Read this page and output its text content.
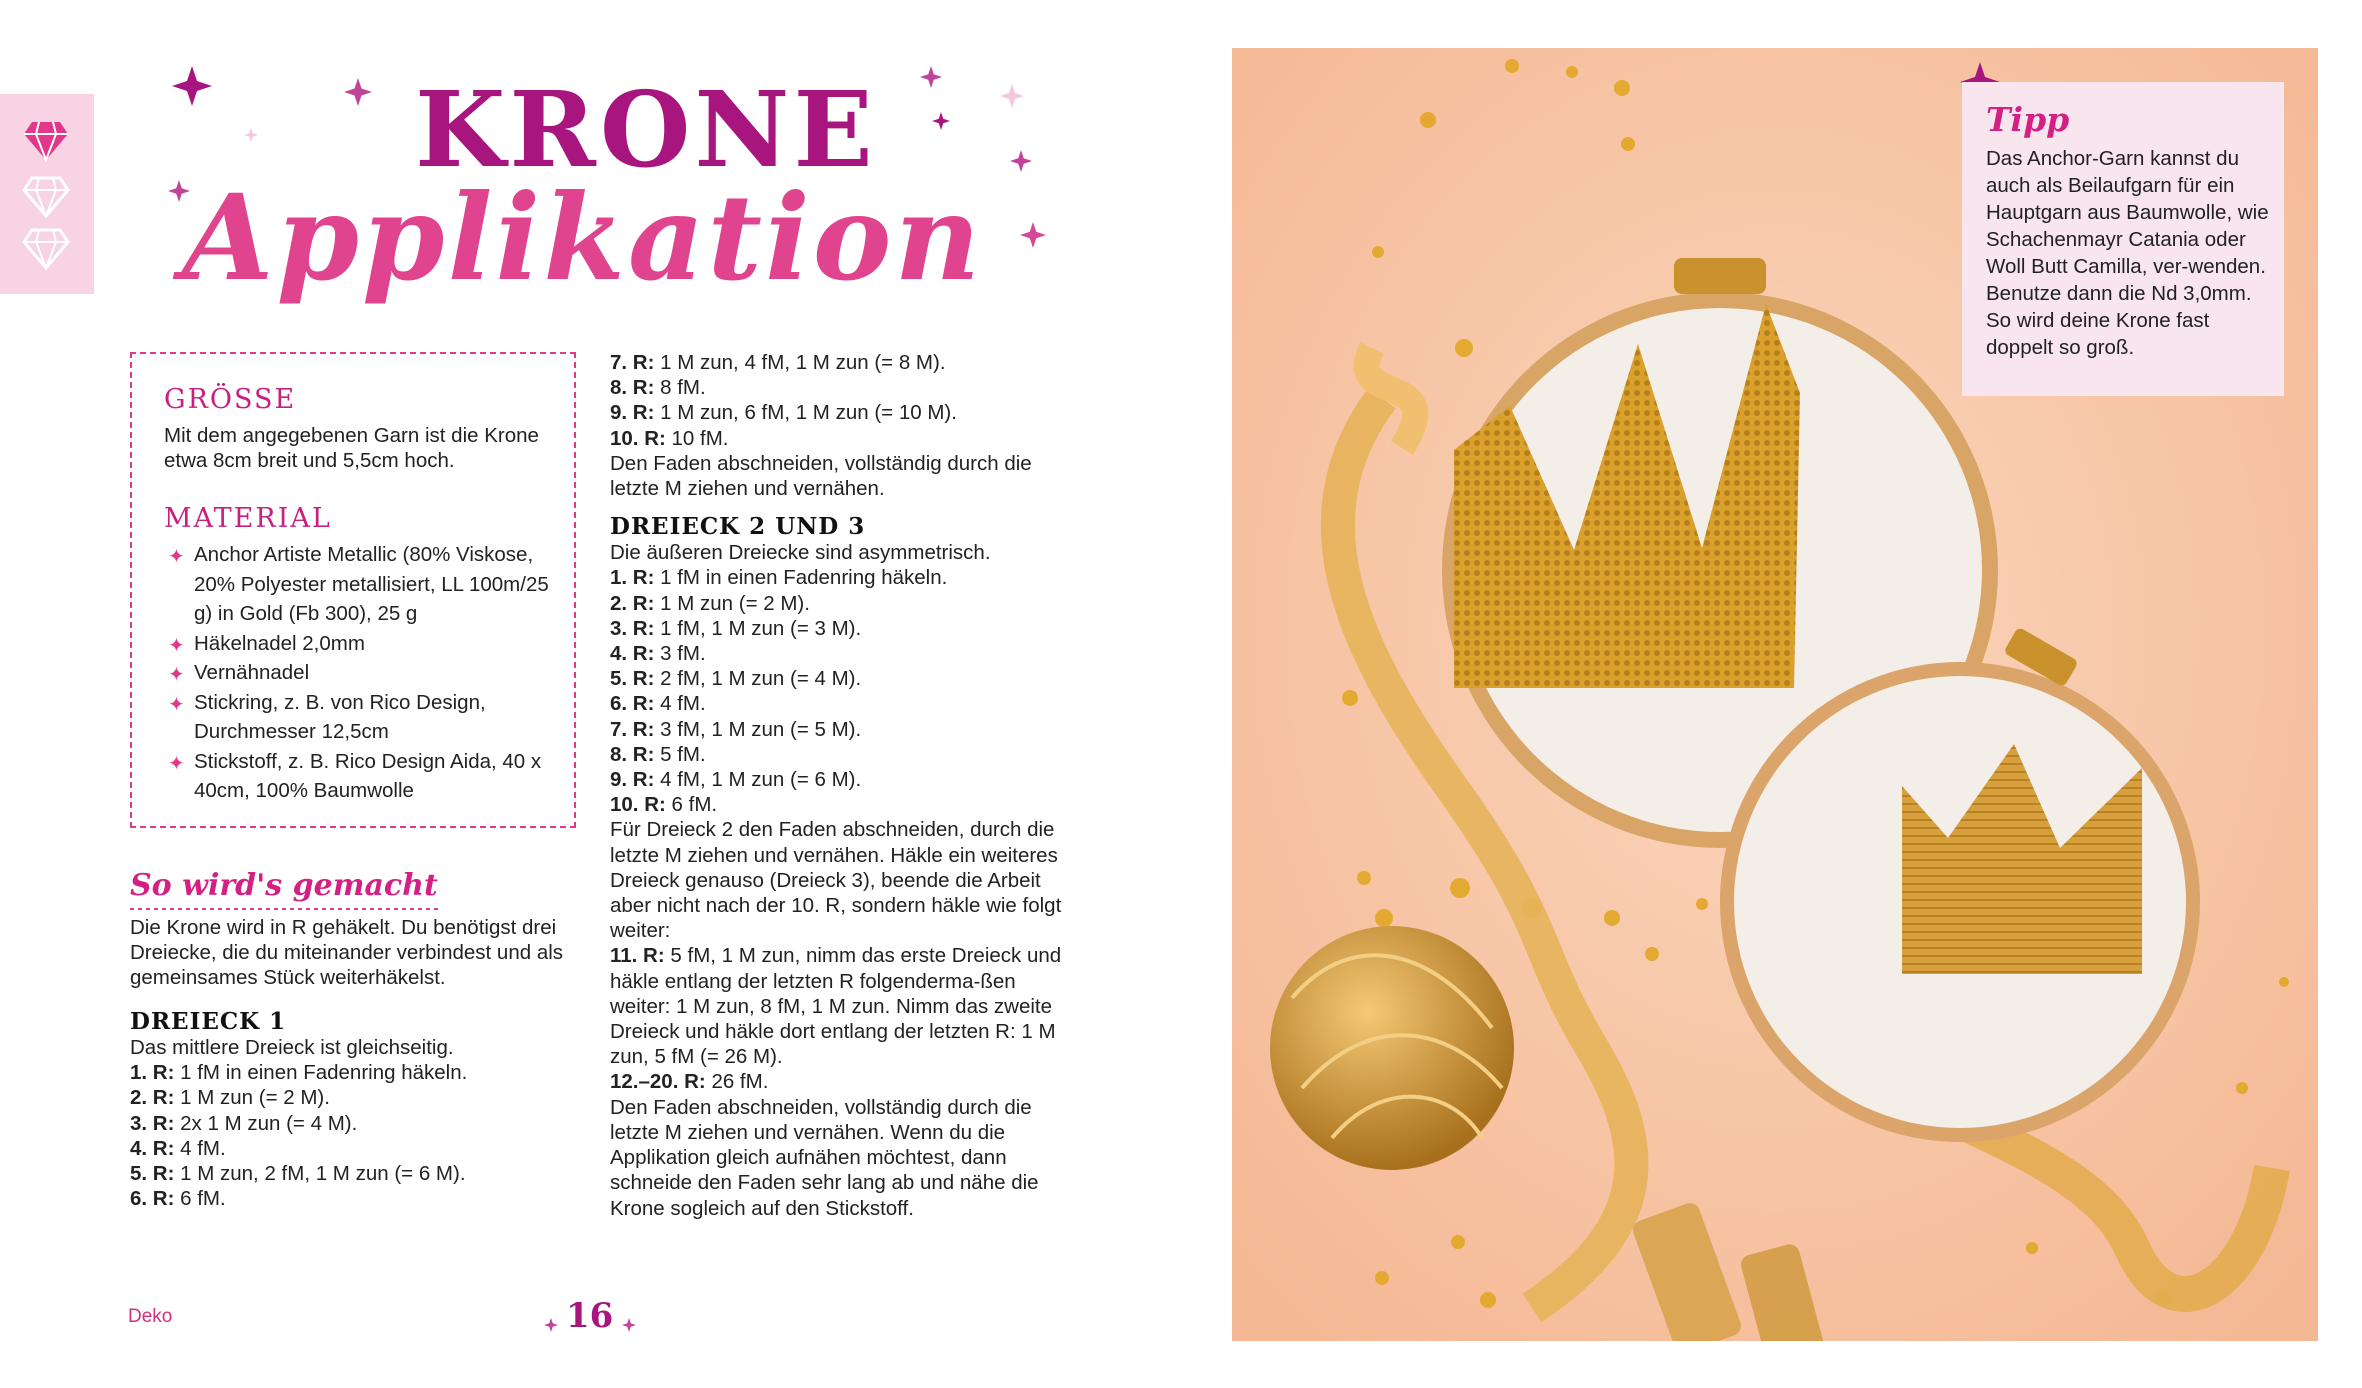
KRONE
Applikation
GRÖSSE
Mit dem angegebenen Garn ist die Krone etwa 8cm breit und 5,5cm hoch.
MATERIAL
✦ Anchor Artiste Metallic (80% Viskose, 20% Polyester metallisiert, LL 100m/25 g) in Gold (Fb 300), 25 g
✦ Häkelnadel 2,0mm
✦ Vernähnadel
✦ Stickring, z. B. von Rico Design, Durchmesser 12,5cm
✦ Stickstoff, z. B. Rico Design Aida, 40 x 40cm, 100% Baumwolle
So wird's gemacht
Die Krone wird in R gehäkelt. Du benötigst drei Dreiecke, die du miteinander verbindest und als gemeinsames Stück weiterhäkelst.
DREIECK 1
Das mittlere Dreieck ist gleichseitig.
1. R: 1 fM in einen Fadenring häkeln.
2. R: 1 M zun (= 2 M).
3. R: 2x 1 M zun (= 4 M).
4. R: 4 fM.
5. R: 1 M zun, 2 fM, 1 M zun (= 6 M).
6. R: 6 fM.
7. R: 1 M zun, 4 fM, 1 M zun (= 8 M).
8. R: 8 fM.
9. R: 1 M zun, 6 fM, 1 M zun (= 10 M).
10. R: 10 fM.
Den Faden abschneiden, vollständig durch die letzte M ziehen und vernähen.
DREIECK 2 UND 3
Die äußeren Dreiecke sind asymmetrisch.
1. R: 1 fM in einen Fadenring häkeln.
2. R: 1 M zun (= 2 M).
3. R: 1 fM, 1 M zun (= 3 M).
4. R: 3 fM.
5. R: 2 fM, 1 M zun (= 4 M).
6. R: 4 fM.
7. R: 3 fM, 1 M zun (= 5 M).
8. R: 5 fM.
9. R: 4 fM, 1 M zun (= 6 M).
10. R: 6 fM.
Für Dreieck 2 den Faden abschneiden, durch die letzte M ziehen und vernähen. Häkle ein weiteres Dreieck genauso (Dreieck 3), beende die Arbeit aber nicht nach der 10. R, sondern häkle wie folgt weiter:
11. R: 5 fM, 1 M zun, nimm das erste Dreieck und häkle entlang der letzten R folgenderma-ßen weiter: 1 M zun, 8 fM, 1 M zun. Nimm das zweite Dreieck und häkle dort entlang der letzten R: 1 M zun, 5 fM (= 26 M).
12.–20. R: 26 fM.
Den Faden abschneiden, vollständig durch die letzte M ziehen und vernähen. Wenn du die Applikation gleich aufnähen möchtest, dann schneide den Faden sehr lang ab und nähe die Krone sogleich auf den Stickstoff.
Deko	16
Tipp
Das Anchor-Garn kannst du auch als Beilaufgarn für ein Hauptgarn aus Baumwolle, wie Schachenmayr Catania oder Woll Butt Camilla, ver-wenden. Benutze dann die Nd 3,0mm. So wird deine Krone fast doppelt so groß.
